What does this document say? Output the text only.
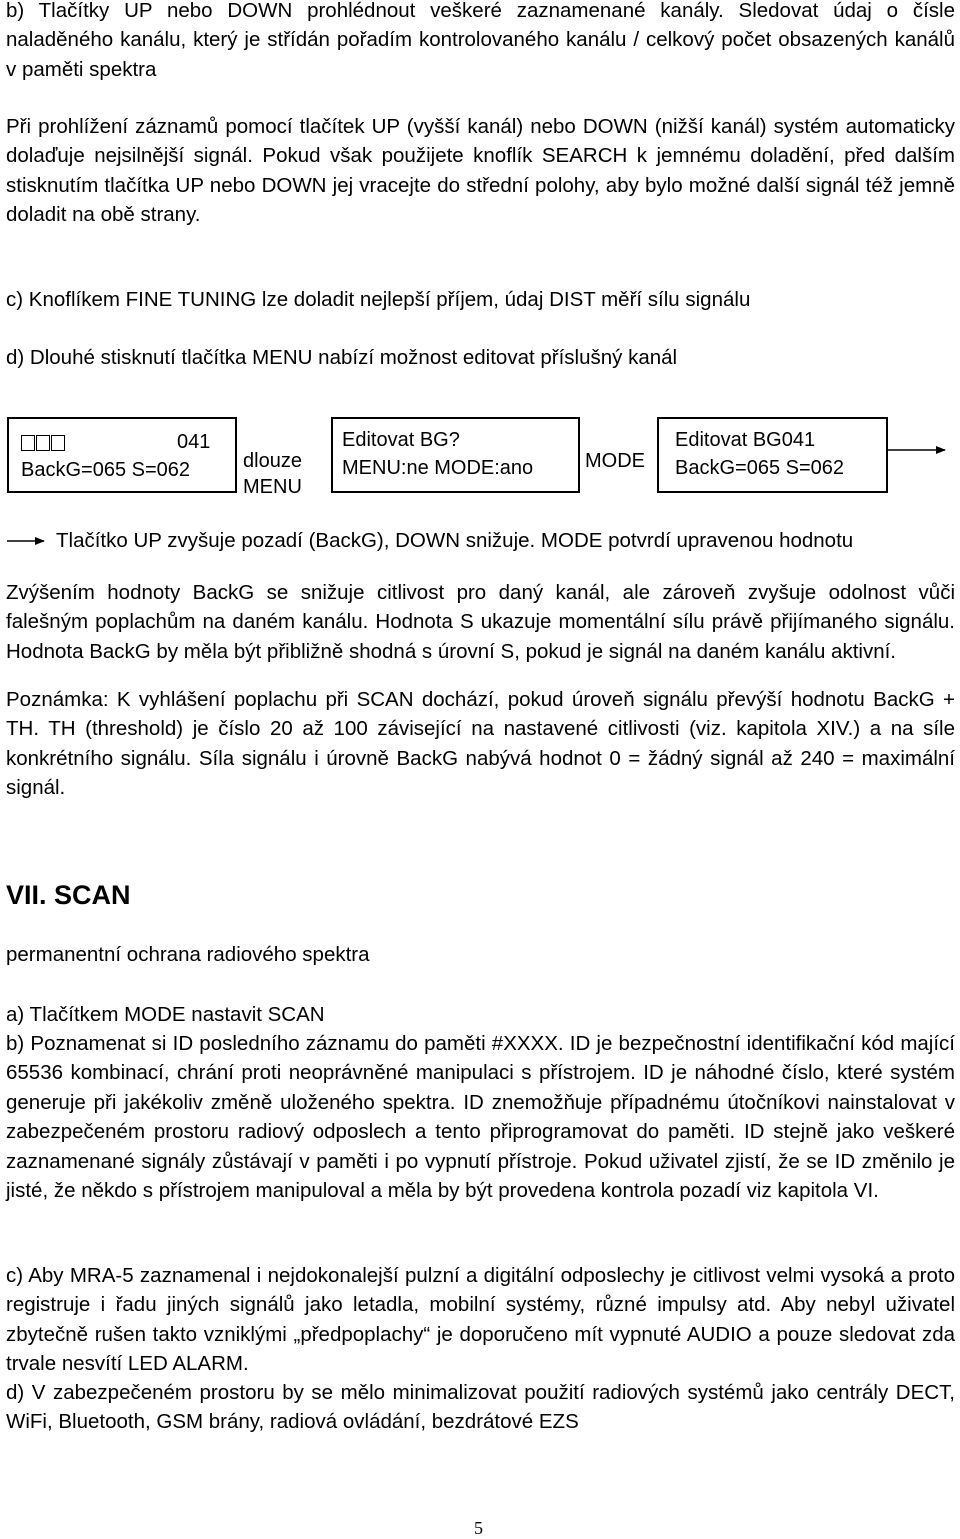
b) Tlačítky UP nebo DOWN prohlédnout veškeré zaznamenané kanály. Sledovat údaj o čísle naladěného kanálu, který je střídán pořadím kontrolovaného kanálu / celkový počet obsazených kanálů v paměti spektra

Při prohlížení záznamů pomocí tlačítek UP (vyšší kanál) nebo DOWN (nižší kanál) systém automaticky dolaďuje nejsilnější signál. Pokud však použijete knoflík SEARCH k jemnému doladění, před dalším stisknutím tlačítka UP nebo DOWN jej vracejte do střední polohy, aby bylo možné další signál též jemně doladit na obě strany.

c) Knoflíkem FINE TUNING lze doladit nejlepší příjem, údaj DIST měří sílu signálu

d) Dlouhé stisknutí tlačítka MENU nabízí možnost editovat příslušný kanál

041
BackG=065 S=062	dlouze
MENU
Editovat BG?
MENU:ne MODE:ano	MODE
Editovat BG041
BackG=065 S=062

Tlačítko UP zvyšuje pozadí (BackG), DOWN snižuje. MODE potvrdí upravenou hodnotu

Zvýšením hodnoty BackG se snižuje citlivost pro daný kanál, ale zároveň zvyšuje odolnost vůči falešným poplachům na daném kanálu. Hodnota S ukazuje momentální sílu právě přijímaného signálu. Hodnota BackG by měla být přibližně shodná s úrovní S, pokud je signál na daném kanálu aktivní.

Poznámka: K vyhlášení poplachu při SCAN dochází, pokud úroveň signálu převýší hodnotu BackG + TH. TH (threshold) je číslo 20 až 100 závisející na nastavené citlivosti (viz. kapitola XIV.) a na síle konkrétního signálu. Síla signálu i úrovně BackG nabývá hodnot 0 = žádný signál až 240 = maximální signál.

VII. SCAN

permanentní ochrana radiového spektra

a) Tlačítkem MODE nastavit SCAN

b) Poznamenat si ID posledního záznamu do paměti #XXXX. ID je bezpečnostní identifikační kód mající 65536 kombinací, chrání proti neoprávněné manipulaci s přístrojem. ID je náhodné číslo, které systém generuje při jakékoliv změně uloženého spektra. ID znemožňuje případnému útočníkovi nainstalovat v zabezpečeném prostoru radiový odposlech a tento připrogramovat do paměti. ID stejně jako veškeré zaznamenané signály zůstávají v paměti i po vypnutí přístroje. Pokud uživatel zjistí, že se ID změnilo je jisté, že někdo s přístrojem manipuloval a měla by být provedena kontrola pozadí viz kapitola VI.

c) Aby MRA-5 zaznamenal i nejdokonalejší pulzní a digitální odposlechy je citlivost velmi vysoká a proto registruje i řadu jiných signálů jako letadla, mobilní systémy, různé impulsy atd. Aby nebyl uživatel zbytečně rušen takto vzniklými „předpoplachy“ je doporučeno mít vypnuté AUDIO a pouze sledovat zda trvale nesvítí LED ALARM.

d) V zabezpečeném prostoru by se mělo minimalizovat použití radiových systémů jako centrály DECT, WiFi, Bluetooth, GSM brány, radiová ovládání, bezdrátové EZS

5
